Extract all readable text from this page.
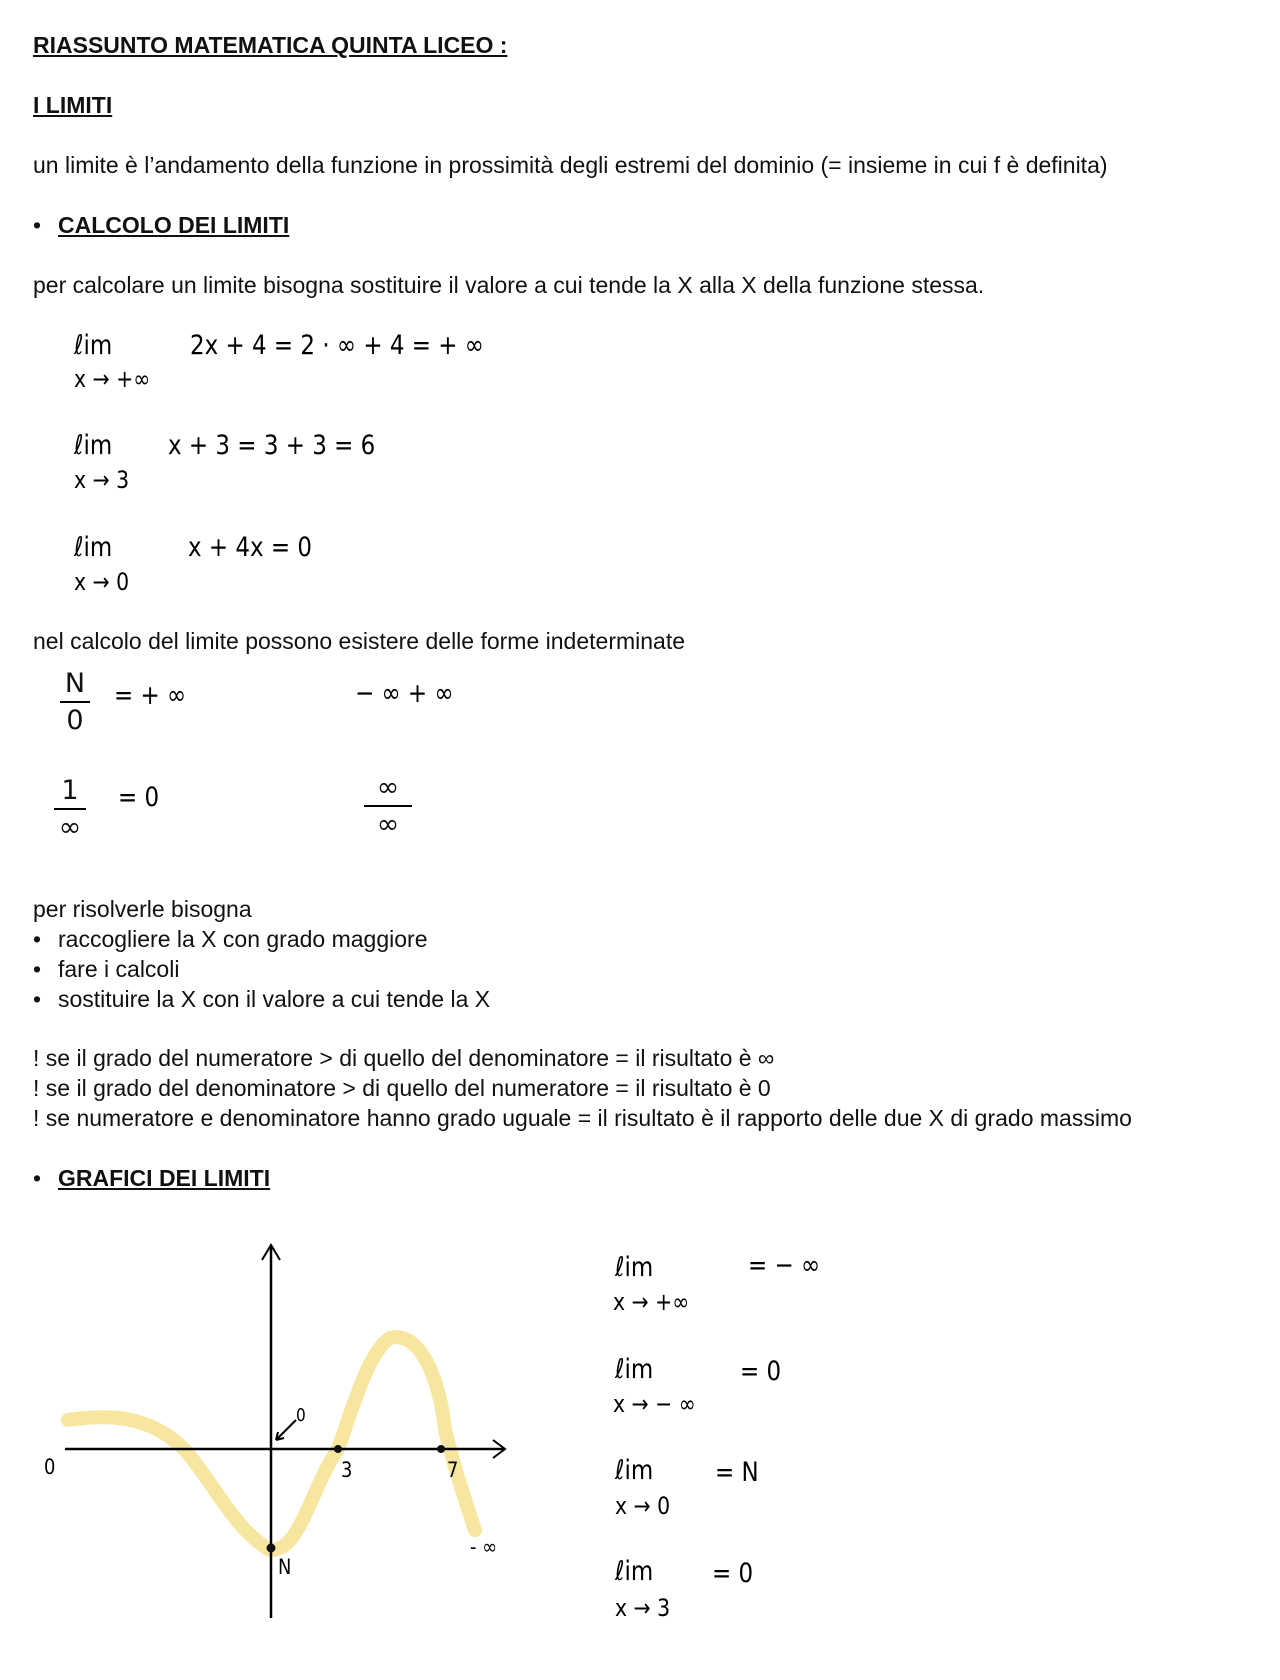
RIASSUNTO MATEMATICA QUINTA LICEO :
I LIMITI
un limite è l’andamento della funzione in prossimità degli estremi del dominio (= insieme in cui f è definita)
• CALCOLO DEI LIMITI
per calcolare un limite bisogna sostituire il valore a cui tende la X alla X della funzione stessa.
ℓim
x → +∞
2x + 4 = 2 · ∞ + 4 = + ∞
ℓim
x → 3
x + 3 = 3 + 3 = 6
ℓim
x → 0
x + 4x = 0
nel calcolo del limite possono esistere delle forme indeterminate
N
0
= + ∞	− ∞ + ∞
1
∞
= 0	∞
∞
per risolverle bisogna
• raccogliere la X con grado maggiore
• fare i calcoli
• sostituire la X con il valore a cui tende la X
! se il grado del numeratore > di quello del denominatore = il risultato è ∞
! se il grado del denominatore > di quello del numeratore = il risultato è 0
! se numeratore e denominatore hanno grado uguale = il risultato è il rapporto delle due X di grado massimo
• GRAFICI DEI LIMITI
0
0
3	7
N
- ∞
ℓim
x → +∞
= − ∞
ℓim
x → − ∞
= 0
ℓim
x → 0
= N
ℓim
x → 3
= 0
